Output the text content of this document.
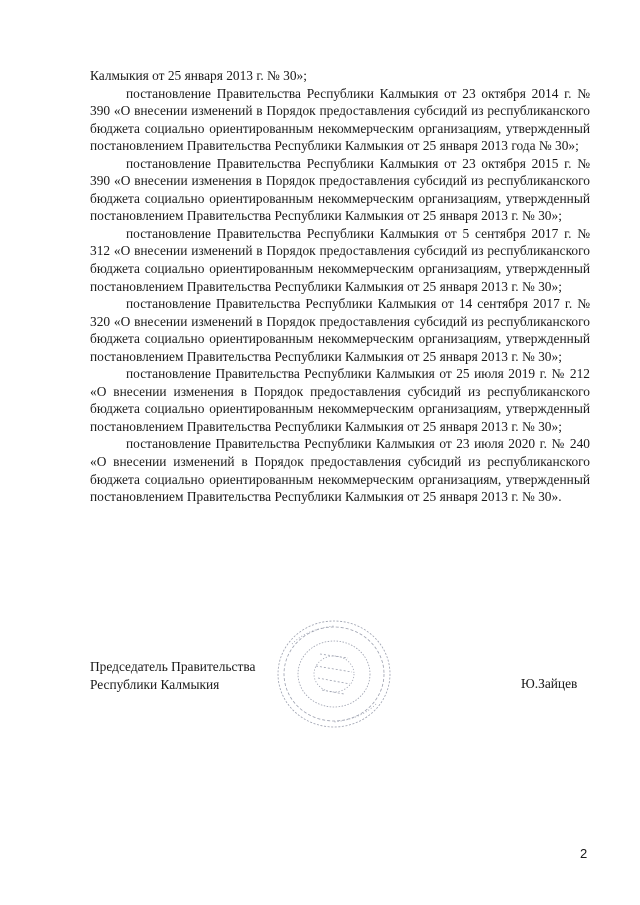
Калмыкия от 25 января 2013 г. № 30»;

постановление Правительства Республики Калмыкия от 23 октября 2014 г. № 390 «О внесении изменений в Порядок предоставления субсидий из республиканского бюджета социально ориентированным некоммерческим организациям, утвержденный постановлением Правительства Республики Калмыкия от 25 января 2013 года № 30»;

постановление Правительства Республики Калмыкия от 23 октября 2015 г. № 390 «О внесении изменения в Порядок предоставления субсидий из республиканского бюджета социально ориентированным некоммерческим организациям, утвержденный постановлением Правительства Республики Калмыкия от 25 января 2013 г. № 30»;

постановление Правительства Республики Калмыкия от 5 сентября 2017 г. № 312 «О внесении изменений в Порядок предоставления субсидий из республиканского бюджета социально ориентированным некоммерческим организациям, утвержденный постановлением Правительства Республики Калмыкия от 25 января 2013 г. № 30»;

постановление Правительства Республики Калмыкия от 14 сентября 2017 г. № 320 «О внесении изменений в Порядок предоставления субсидий из республиканского бюджета социально ориентированным некоммерческим организациям, утвержденный постановлением Правительства Республики Калмыкия от 25 января 2013 г. № 30»;

постановление Правительства Республики Калмыкия от 25 июля 2019 г. № 212 «О внесении изменения в Порядок предоставления субсидий из республиканского бюджета социально ориентированным некоммерческим организациям, утвержденный постановлением Правительства Республики Калмыкия от 25 января 2013 г. № 30»;

постановление Правительства Республики Калмыкия от 23 июля 2020 г. № 240 «О внесении изменений в Порядок предоставления субсидий из республиканского бюджета социально ориентированным некоммерческим организациям, утвержденный постановлением Правительства Республики Калмыкия от 25 января 2013 г. № 30».

Председатель Правительства
Республики Калмыкия	Ю.Зайцев
2
